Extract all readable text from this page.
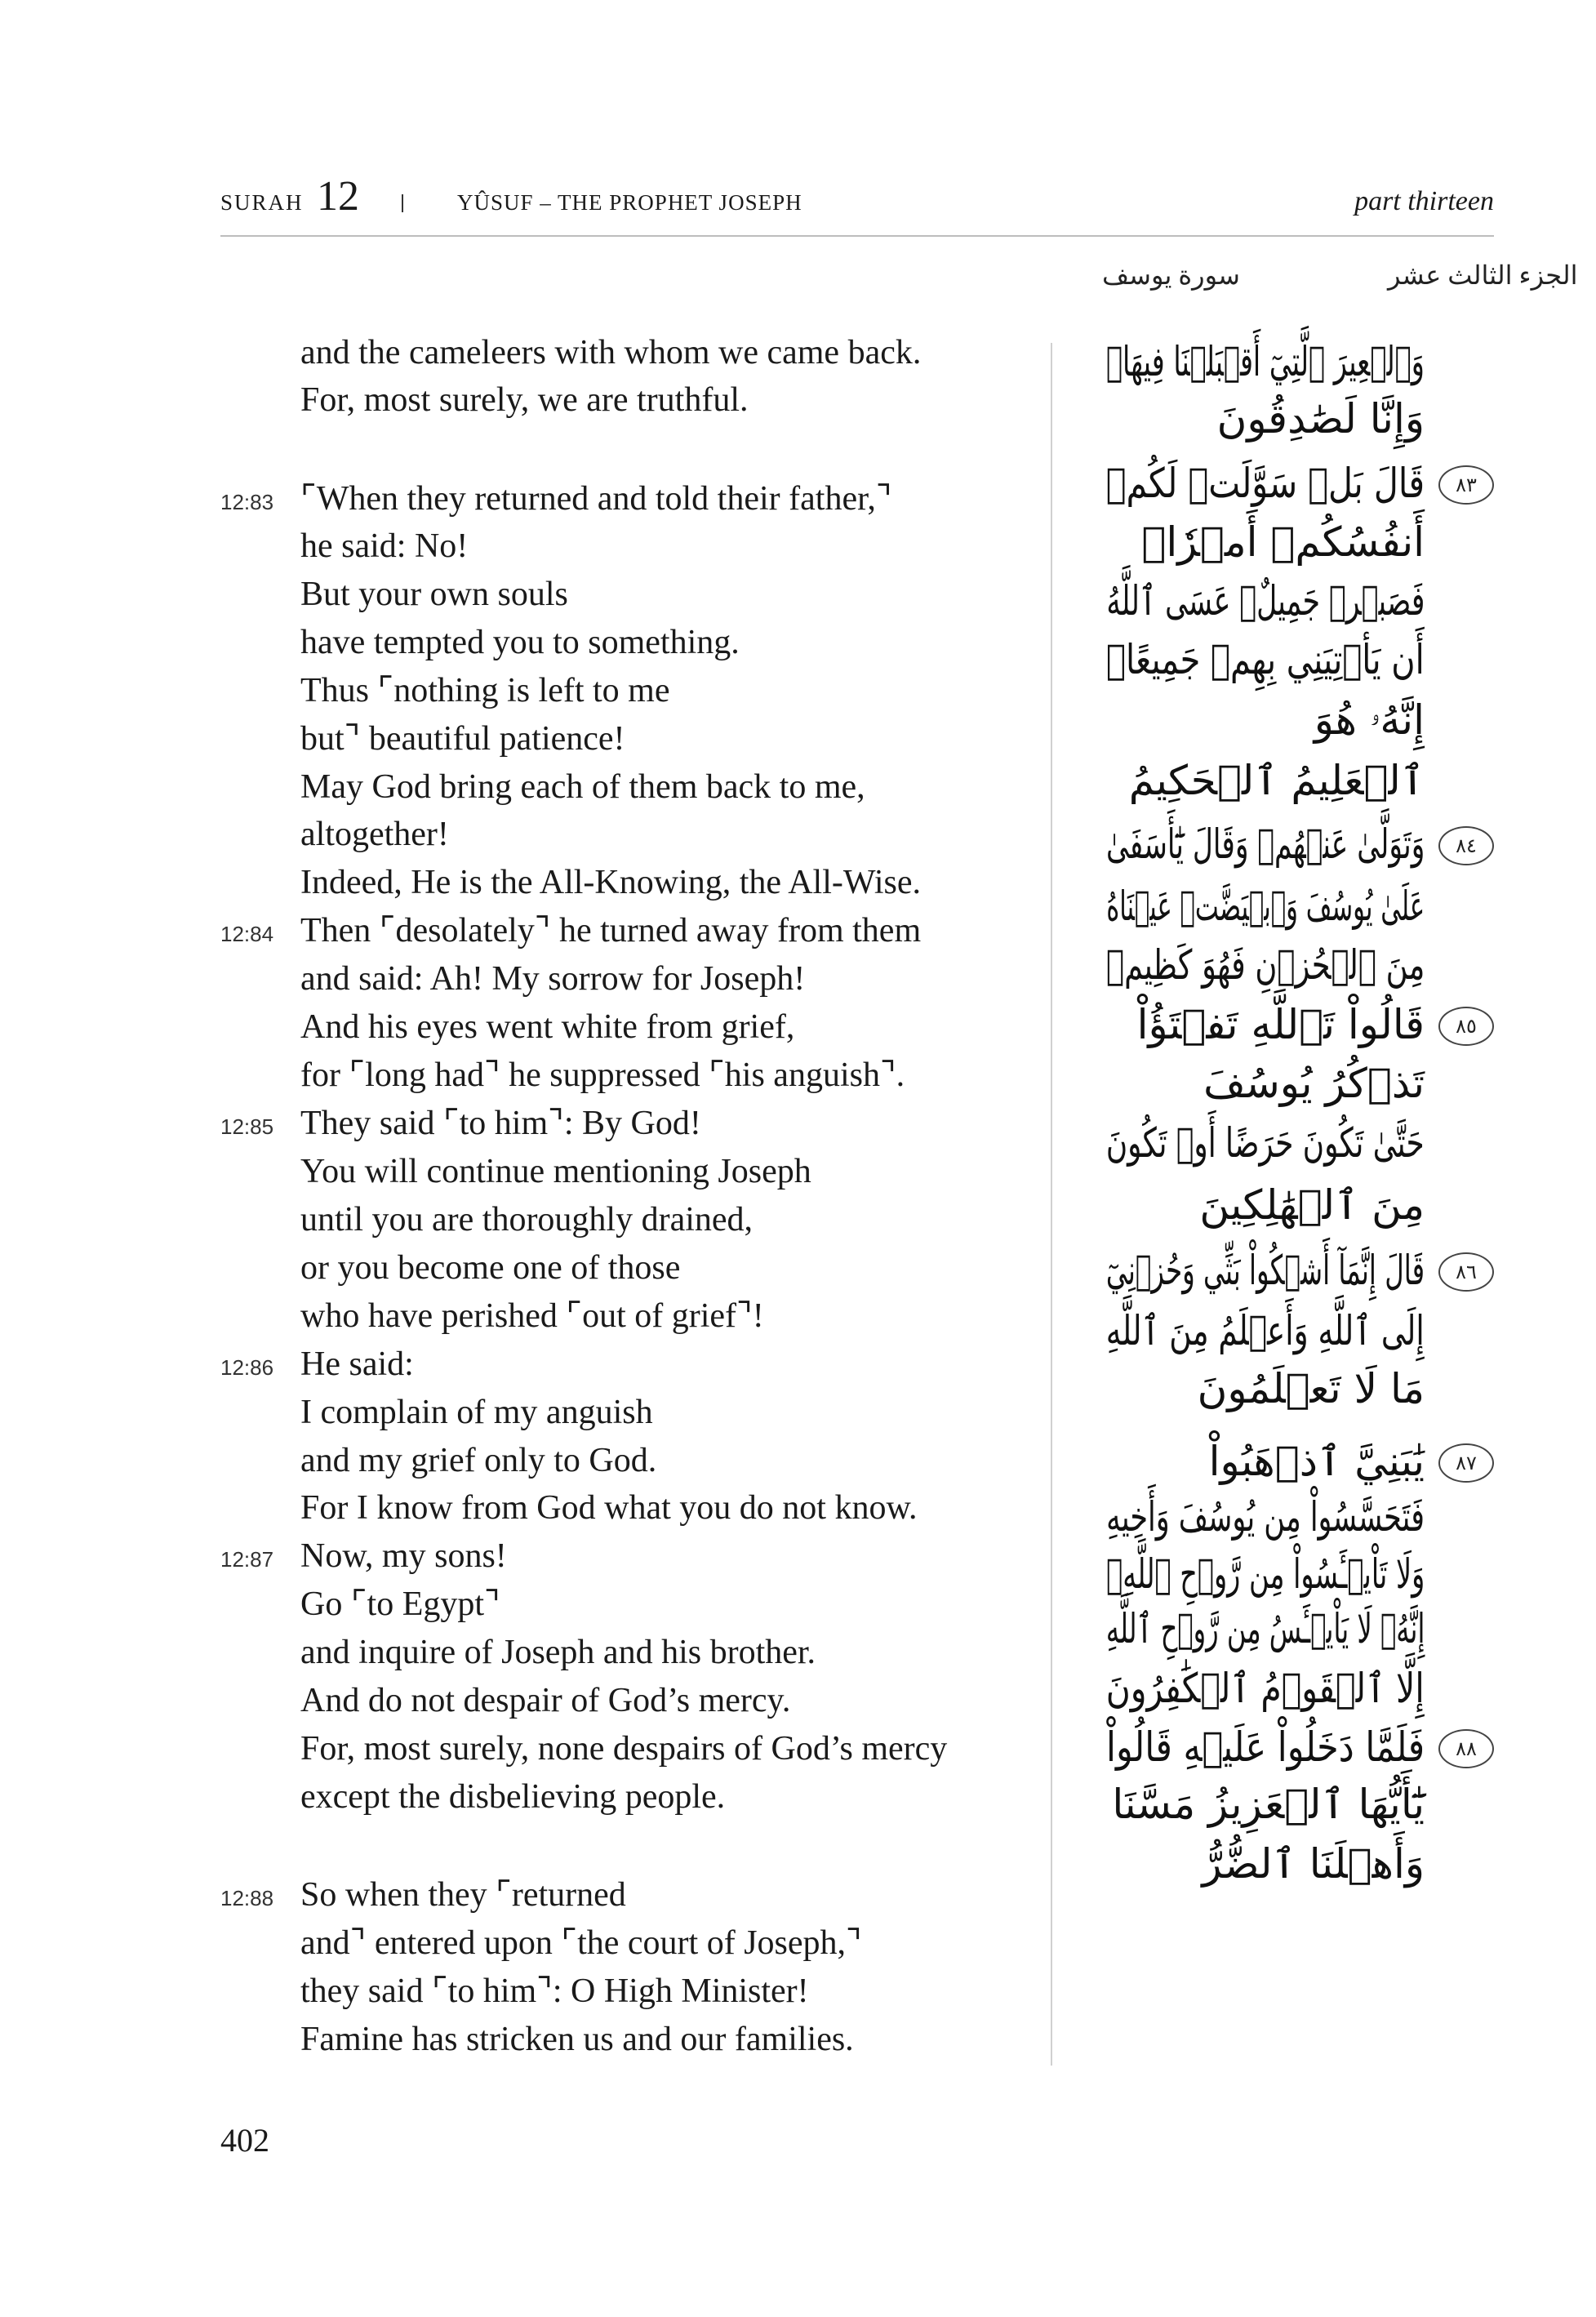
SURAH 12	YÛSUF – THE PROPHET JOSEPH	part thirteen
الجزء الثالث عشر
سورة يوسف
and the cameleers with whom we came back.
For, most surely, we are truthful.
12:83 ⌜When they returned and told their father,⌝
he said: No!
But your own souls
have tempted you to something.
Thus ⌜nothing is left to me
but⌝ beautiful patience!
May God bring each of them back to me,
altogether!
Indeed, He is the All-Knowing, the All-Wise.
12:84 Then ⌜desolately⌝ he turned away from them
and said: Ah! My sorrow for Joseph!
And his eyes went white from grief,
for ⌜long had⌝ he suppressed ⌜his anguish⌝.
12:85 They said ⌜to him⌝: By God!
You will continue mentioning Joseph
until you are thoroughly drained,
or you become one of those
who have perished ⌜out of grief⌝!
12:86 He said:
I complain of my anguish
and my grief only to God.
For I know from God what you do not know.
12:87 Now, my sons!
Go ⌜to Egypt⌝
and inquire of Joseph and his brother.
And do not despair of God’s mercy.
For, most surely, none despairs of God’s mercy
except the disbelieving people.
12:88 So when they ⌜returned
and⌝ entered upon ⌜the court of Joseph,⌝
they said ⌜to him⌝: O High Minister!
Famine has stricken us and our families.
وَٱلۡعِيرَ ٱلَّتِيٓ أَقۡبَلۡنَا فِيهَاۖ
وَإِنَّا لَصَٰدِقُونَ
٨٣
قَالَ بَلۡ سَوَّلَتۡ لَكُمۡ
أَنفُسُكُمۡ أَمۡرٗاۖ
فَصَبۡرٞ جَمِيلٌۖ عَسَى ٱللَّهُ
أَن يَأۡتِيَنِي بِهِمۡ جَمِيعًاۚ
إِنَّهُۥ هُوَ
ٱلۡعَلِيمُ ٱلۡحَكِيمُ
٨٤
وَتَوَلَّىٰ عَنۡهُمۡ وَقَالَ يَٰٓأَسَفَىٰ
عَلَىٰ يُوسُفَ وَٱبۡيَضَّتۡ عَيۡنَاهُ
مِنَ ٱلۡحُزۡنِ فَهُوَ كَظِيمٞ
٨٥
قَالُواْ تَٱللَّهِ تَفۡتَؤُاْ
تَذۡكُرُ يُوسُفَ
حَتَّىٰ تَكُونَ حَرَضًا أَوۡ تَكُونَ
مِنَ ٱلۡهَٰلِكِينَ
٨٦
قَالَ إِنَّمَآ أَشۡكُواْ بَثِّي وَحُزۡنِيٓ
إِلَى ٱللَّهِ وَأَعۡلَمُ مِنَ ٱللَّهِ
مَا لَا تَعۡلَمُونَ
٨٧
يَٰبَنِيَّ ٱذۡهَبُواْ
فَتَحَسَّسُواْ مِن يُوسُفَ وَأَخِيهِ
وَلَا تَاْيۡـَٔسُواْ مِن رَّوۡحِ ٱللَّهِۖ
إِنَّهُۥ لَا يَاْيۡـَٔسُ مِن رَّوۡحِ ٱللَّهِ
إِلَّا ٱلۡقَوۡمُ ٱلۡكَٰفِرُونَ
٨٨
فَلَمَّا دَخَلُواْ عَلَيۡهِ قَالُواْ
يَٰٓأَيُّهَا ٱلۡعَزِيزُ مَسَّنَا
وَأَهۡلَنَا ٱلضُّرُّ
402
